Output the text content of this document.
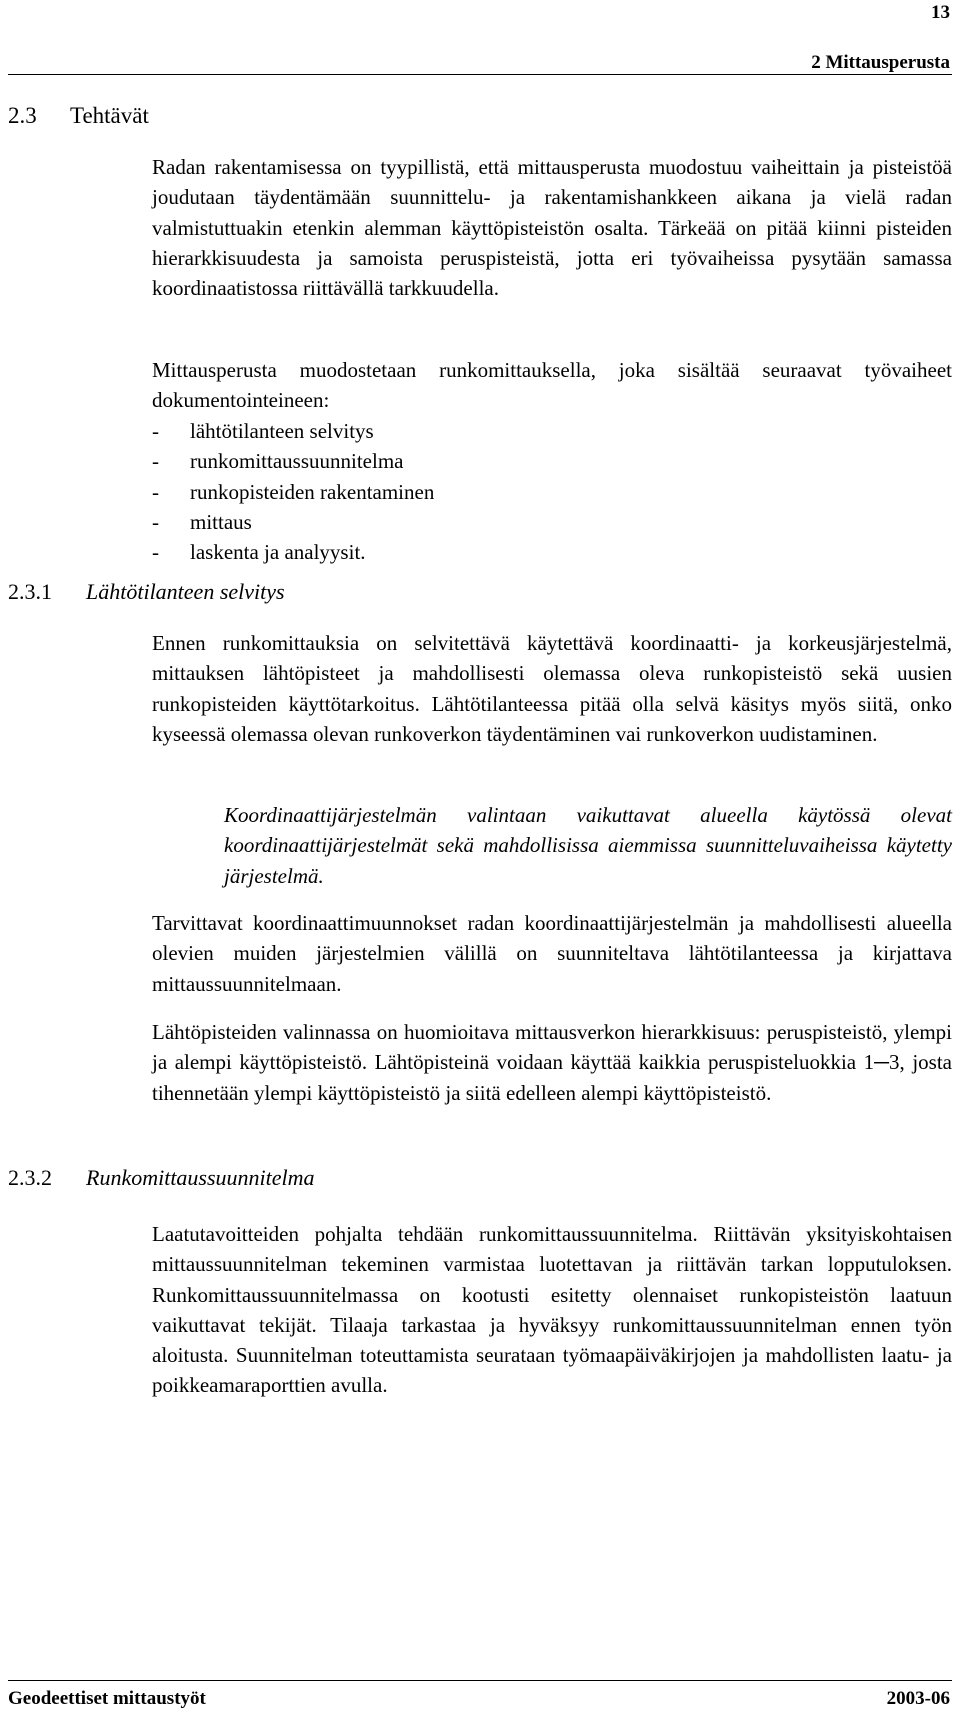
13
2 Mittausperusta
2.3 Tehtävät
Radan rakentamisessa on tyypillistä, että mittausperusta muodostuu vaiheittain ja pisteistöä joudutaan täydentämään suunnittelu- ja rakentamishankkeen aikana ja vielä radan valmistuttuakin etenkin alemman käyttöpisteistön osalta. Tärkeää on pitää kiinni pisteiden hierarkkisuudesta ja samoista peruspisteistä, jotta eri työvaiheissa pysytään samassa koordinaatistossa riittävällä tarkkuudella.
Mittausperusta muodostetaan runkomittauksella, joka sisältää seuraavat työvaiheet dokumentointeineen:
-	lähtötilanteen selvitys
-	runkomittaussuunnitelma
-	runkopisteiden rakentaminen
-	mittaus
-	laskenta ja analyysit.
2.3.1 Lähtötilanteen selvitys
Ennen runkomittauksia on selvitettävä käytettävä koordinaatti- ja korkeusjärjestelmä, mittauksen lähtöpisteet ja mahdollisesti olemassa oleva runkopisteistö sekä uusien runkopisteiden käyttötarkoitus. Lähtötilanteessa pitää olla selvä käsitys myös siitä, onko kyseessä olemassa olevan runkoverkon täydentäminen vai runkoverkon uudistaminen.
Koordinaattijärjestelmän valintaan vaikuttavat alueella käytössä olevat koordinaattijärjestelmät sekä mahdollisissa aiemmissa suunnitteluvaiheissa käytetty järjestelmä.
Tarvittavat koordinaattimuunnokset radan koordinaattijärjestelmän ja mahdollisesti alueella olevien muiden järjestelmien välillä on suunniteltava lähtötilanteessa ja kirjattava mittaussuunnitelmaan.
Lähtöpisteiden valinnassa on huomioitava mittausverkon hierarkkisuus: peruspisteistö, ylempi ja alempi käyttöpisteistö. Lähtöpisteinä voidaan käyttää kaikkia peruspisteluokkia 1─3, josta tihennetään ylempi käyttöpisteistö ja siitä edelleen alempi käyttöpisteistö.
2.3.2 Runkomittaussuunnitelma
Laatutavoitteiden pohjalta tehdään runkomittaussuunnitelma. Riittävän yksityiskohtaisen mittaussuunnitelman tekeminen varmistaa luotettavan ja riittävän tarkan lopputuloksen. Runkomittaussuunnitelmassa on kootusti esitetty olennaiset runkopisteistön laatuun vaikuttavat tekijät. Tilaaja tarkastaa ja hyväksyy runkomittaussuunnitelman ennen työn aloitusta. Suunnitelman toteuttamista seurataan työmaapäiväkirjojen ja mahdollisten laatu- ja poikkeamaraporttien avulla.
Geodeettiset mittaustyöt	2003-06
